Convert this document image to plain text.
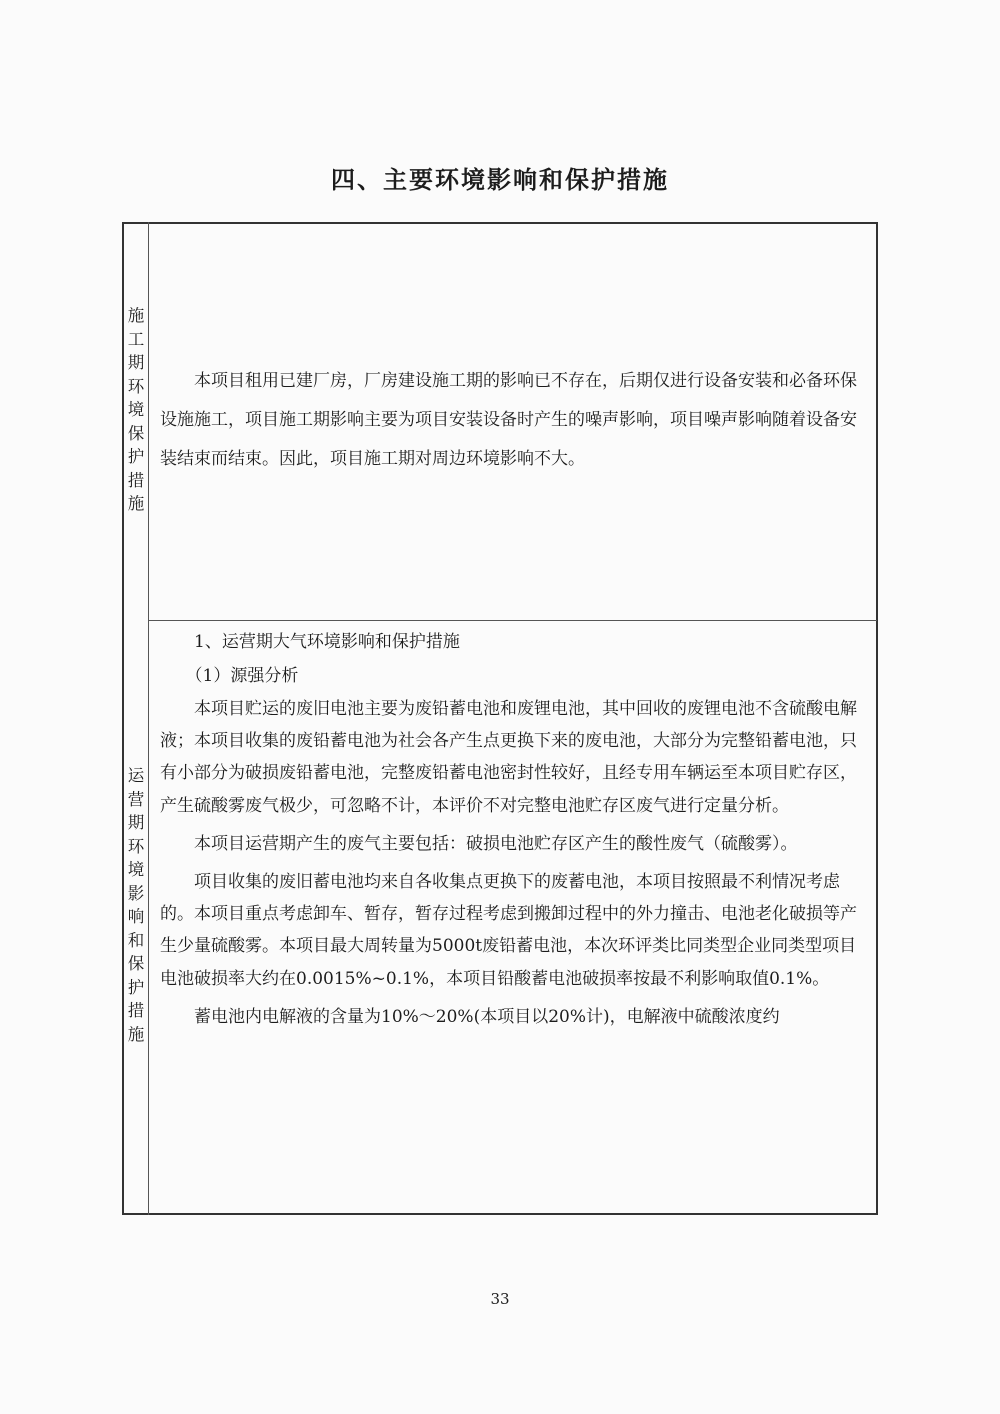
四、主要环境影响和保护措施
施工期环境保护措施
运营期环境影响和保护措施

本项目租用已建厂房，厂房建设施工期的影响已不存在，后期仅进行设备安装和必备环保设施施工，项目施工期影响主要为项目安装设备时产生的噪声影响，项目噪声影响随着设备安装结束而结束。因此，项目施工期对周边环境影响不大。

1、运营期大气环境影响和保护措施
（1）源强分析

本项目贮运的废旧电池主要为废铅蓄电池和废锂电池，其中回收的废锂电池不含硫酸电解液；本项目收集的废铅蓄电池为社会各产生点更换下来的废电池，大部分为完整铅蓄电池，只有小部分为破损废铅蓄电池，完整废铅蓄电池密封性较好，且经专用车辆运至本项目贮存区，产生硫酸雾废气极少，可忽略不计，本评价不对完整电池贮存区废气进行定量分析。

本项目运营期产生的废气主要包括：破损电池贮存区产生的酸性废气（硫酸雾）。

项目收集的废旧蓄电池均来自各收集点更换下的废蓄电池，本项目按照最不利情况考虑的。本项目重点考虑卸车、暂存，暂存过程考虑到搬卸过程中的外力撞击、电池老化破损等产生少量硫酸雾。本项目最大周转量为5000t废铅蓄电池，本次环评类比同类型企业同类型项目电池破损率大约在0.0015%~0.1%，本项目铅酸蓄电池破损率按最不利影响取值0.1%。

蓄电池内电解液的含量为10%～20%(本项目以20%计)，电解液中硫酸浓度约

33
